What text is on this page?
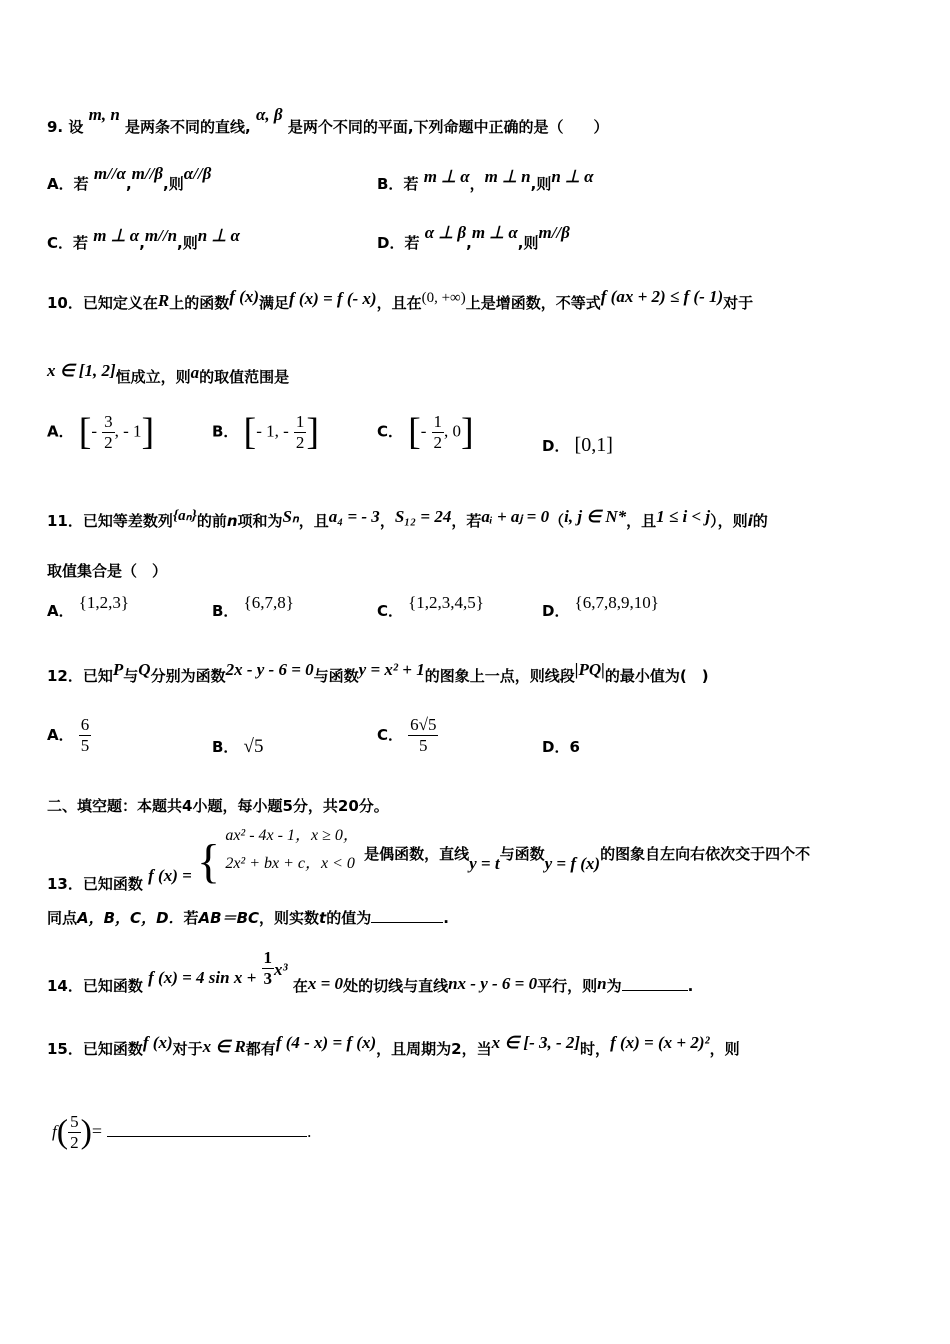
9. 设 m, n 是两条不同的直线, α, β 是两个不同的平面,下列命题中正确的是（　　）
A．若 m//α,m//β,则α//β
B．若 m ⊥ α，m ⊥ n,则n ⊥ α
C．若 m ⊥ α,m//n,则n ⊥ α	D．若 α ⊥ β,m ⊥ α,则m//β
10．已知定义在R上的函数f (x)满足f (x) = f (- x)，且在(0, +∞)上是增函数，不等式f (ax + 2) ≤ f (- 1)对于
x ∈ [1, 2]恒成立，则a的取值范围是
A． [- $\frac{3}{2}$ , - 1]	B． [- 1, - $\frac{1}{2}$ ]	C． [- $\frac{1}{2}$ , 0]	D． [0,1]
11．已知等差数列{aₙ}的前n项和为Sₙ，且a₄ = - 3，S₁₂ = 24，若aᵢ + aⱼ = 0（i, j ∈ N*，且1 ≤ i < j），则i的
取值集合是（　）
A． {1,2,3}	B． {6,7,8}	C． {1,2,3,4,5}	D． {6,7,8,9,10}
12．已知P与Q分别为函数2x - y - 6 = 0与函数y = x² + 1的图象上一点，则线段|PQ|的最小值为(　)
A． $\frac{6}{5}$	B． √5
C． $\frac{6√5}{5}$	D．6
二、填空题：本题共4小题，每小题5分，共20分。
13．已知函数 f (x) = { ax² - 4x - 1，x ≥ 0，
2x² + bx + c，x < 0
是偶函数，直线y = t与函数y = f (x)的图象自左向右依次交于四个不
同点A，B，C，D．若AB＝BC，则实数t的值为	.
14．已知函数 f (x) = 4 $\sin x + \frac{1}{3} x^3$ 在x = 0处的切线与直线nx - y - 6 = 0平行，则n为	.
15．已知函数f (x)对于x ∈ R都有f (4 - x) = f (x)，且周期为2，当x ∈ [- 3, - 2]时，f (x) = (x + 2)²，则
$f( \frac{5}{2}$ )=	.
